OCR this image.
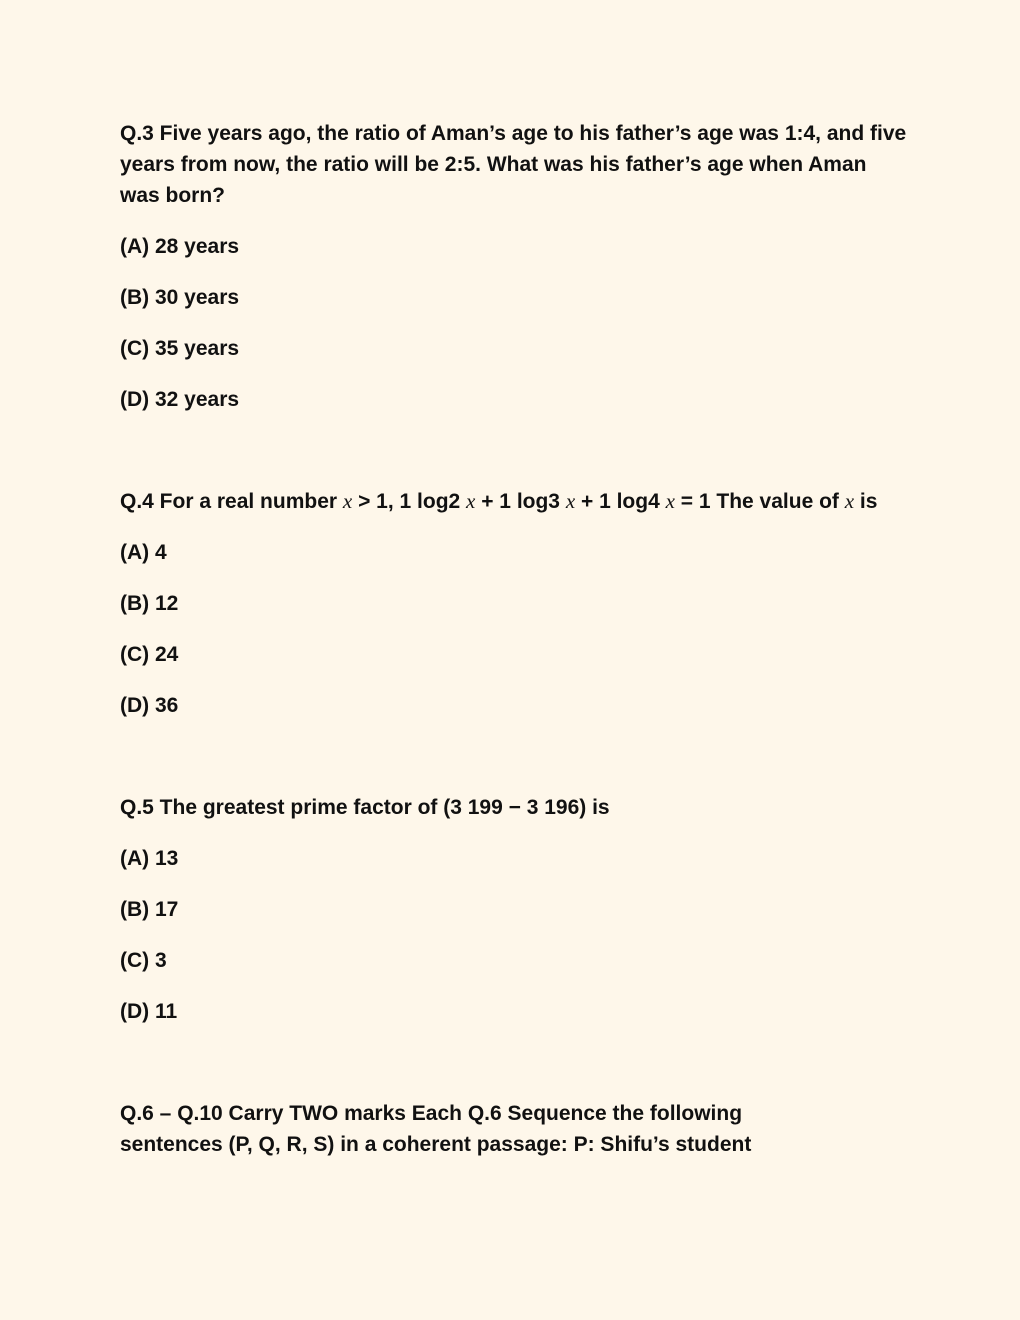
Q.3 Five years ago, the ratio of Aman’s age to his father’s age was 1:4, and five years from now, the ratio will be 2:5. What was his father’s age when Aman was born?

(A) 28 years
(B) 30 years
(C) 35 years
(D) 32 years

Q.4 For a real number x > 1, 1 log2 x + 1 log3 x + 1 log4 x = 1 The value of x is

(A) 4
(B) 12
(C) 24
(D) 36

Q.5 The greatest prime factor of (3 199 − 3 196) is

(A) 13
(B) 17
(C) 3
(D) 11

Q.6 – Q.10 Carry TWO marks Each Q.6 Sequence the following sentences (P, Q, R, S) in a coherent passage: P: Shifu’s student
